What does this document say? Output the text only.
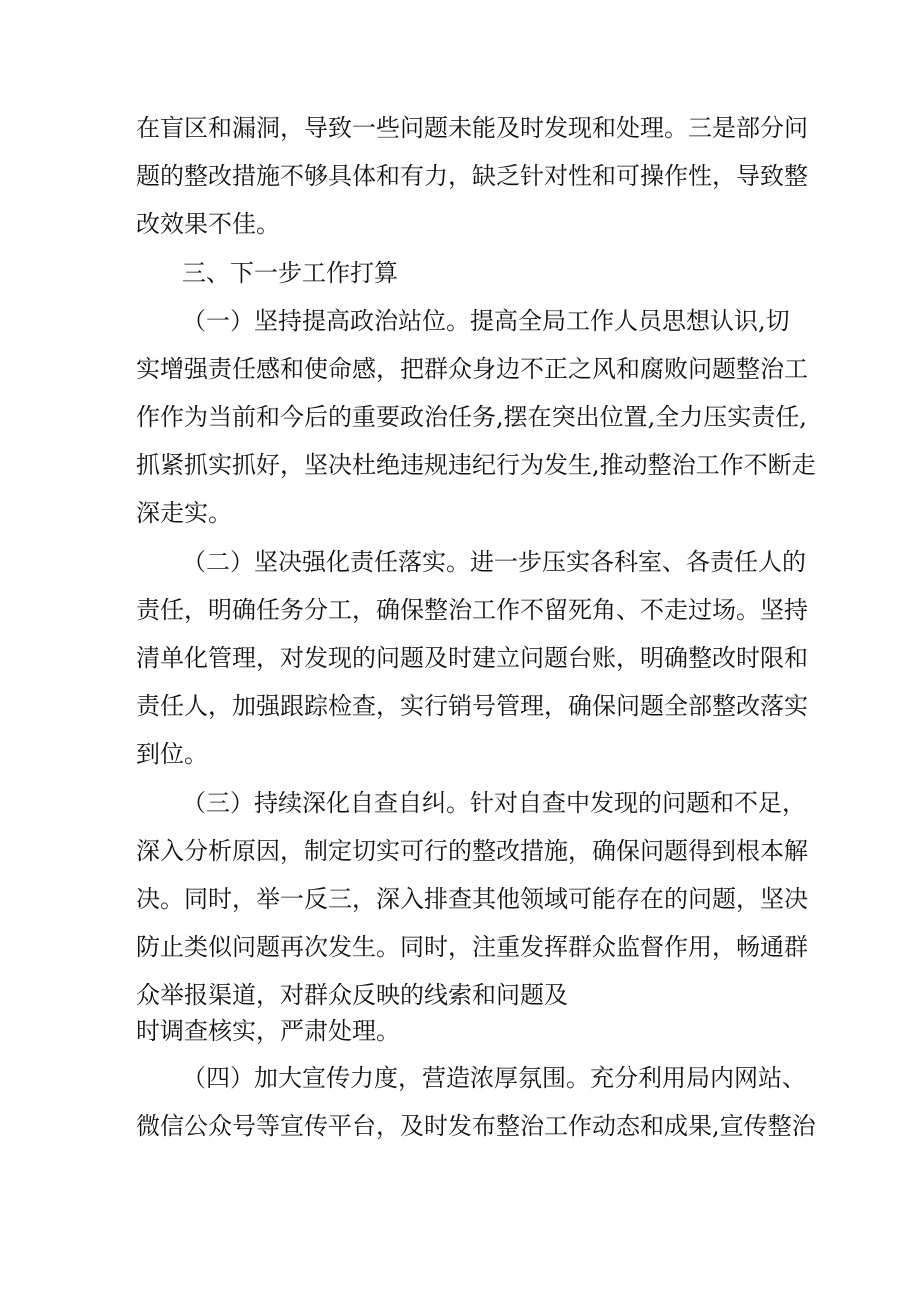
在盲区和漏洞，导致一些问题未能及时发现和处理。三是部分问

题的整改措施不够具体和有力，缺乏针对性和可操作性，导致整

改效果不佳。

三、下一步工作打算

（一）坚持提高政治站位。提高全局工作人员思想认识,切

实增强责任感和使命感，把群众身边不正之风和腐败问题整治工

作作为当前和今后的重要政治任务,摆在突出位置,全力压实责任,

抓紧抓实抓好，坚决杜绝违规违纪行为发生,推动整治工作不断走

深走实。

（二）坚决强化责任落实。进一步压实各科室、各责任人的

责任，明确任务分工，确保整治工作不留死角、不走过场。坚持

清单化管理，对发现的问题及时建立问题台账，明确整改时限和

责任人，加强跟踪检查，实行销号管理，确保问题全部整改落实

到位。

（三）持续深化自查自纠。针对自查中发现的问题和不足，

深入分析原因，制定切实可行的整改措施，确保问题得到根本解

决。同时，举一反三，深入排查其他领域可能存在的问题，坚决

防止类似问题再次发生。同时，注重发挥群众监督作用，畅通群

众举报渠道，对群众反映的线索和问题及

时调查核实，严肃处理。

（四）加大宣传力度，营造浓厚氛围。充分利用局内网站、

微信公众号等宣传平台，及时发布整治工作动态和成果,宣传整治
